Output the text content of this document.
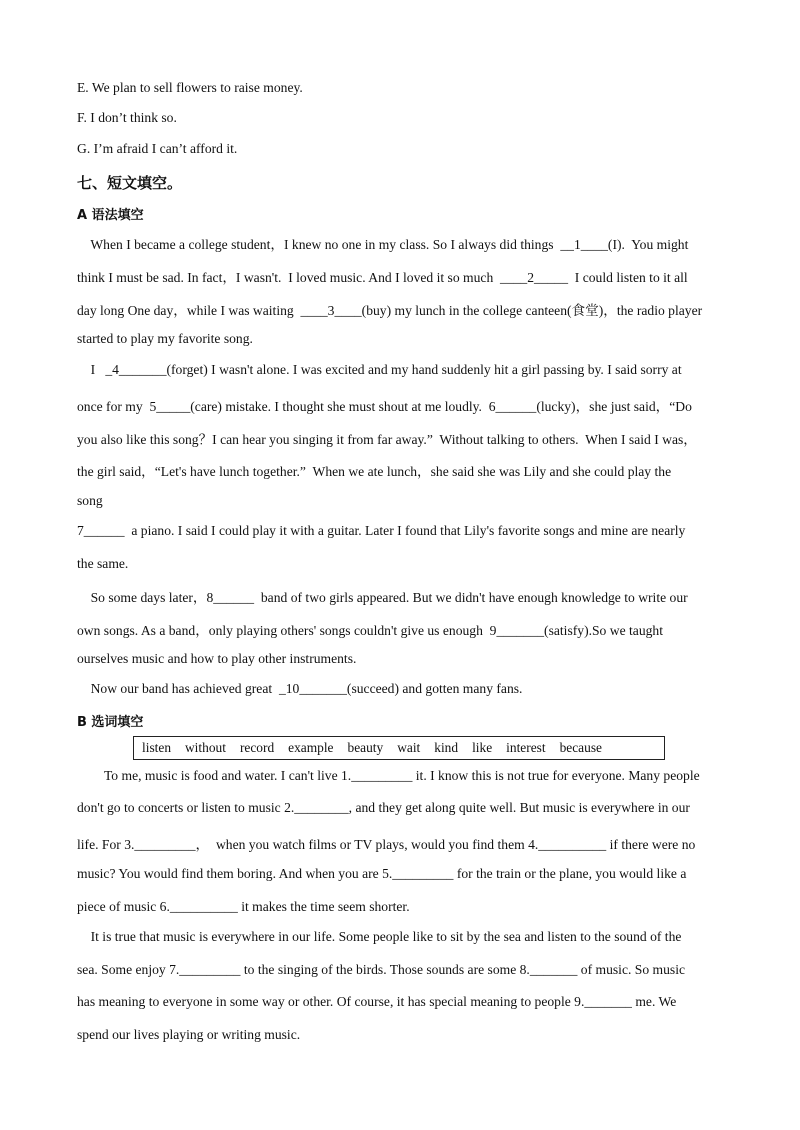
E. We plan to sell flowers to raise money.
F. I don’t think so.
G. I’m afraid I can’t afford it.
七、短文填空。
A 语法填空
When I became a college student，I knew no one in my class. So I always did things  __1____(I).  You might
think I must be sad. In fact，I wasn't.  I loved music. And I loved it so much  ____2_____  I could listen to it all
day long One day，while I was waiting  ____3____(buy) my lunch in the college canteen(食堂)，the radio player
started to play my favorite song.
I   _4_______(forget) I wasn't alone. I was excited and my hand suddenly hit a girl passing by. I said sorry at
once for my  5_____(care) mistake. I thought she must shout at me loudly.  6______(lucky)，she just said，“Do
you also like this song？I can hear you singing it from far away.”  Without talking to others.  When I said I was，
the girl said，“Let's have lunch together.”  When we ate lunch，she said she was Lily and she could play the
song
7______  a piano. I said I could play it with a guitar. Later I found that Lily's favorite songs and mine are nearly
the same.
So some days later，8______  band of two girls appeared. But we didn't have enough knowledge to write our
own songs. As a band，only playing others' songs couldn't give us enough  9_______(satisfy).So we taught
ourselves music and how to play other instruments.
Now our band has achieved great  _10_______(succeed) and gotten many fans.
B 选词填空
listen without record example beauty wait kind like interest because
To me, music is food and water. I can't live 1._________ it. I know this is not true for everyone. Many people
don't go to concerts or listen to music 2.________, and they get along quite well. But music is everywhere in our
life. For 3._________，  when you watch films or TV plays, would you find them 4.__________ if there were no
music? You would find them boring. And when you are 5._________ for the train or the plane, you would like a
piece of music 6.__________ it makes the time seem shorter.
It is true that music is everywhere in our life. Some people like to sit by the sea and listen to the sound of the
sea. Some enjoy 7._________ to the singing of the birds. Those sounds are some 8._______ of music. So music
has meaning to everyone in some way or other. Of course, it has special meaning to people 9._______ me. We
spend our lives playing or writing music.
